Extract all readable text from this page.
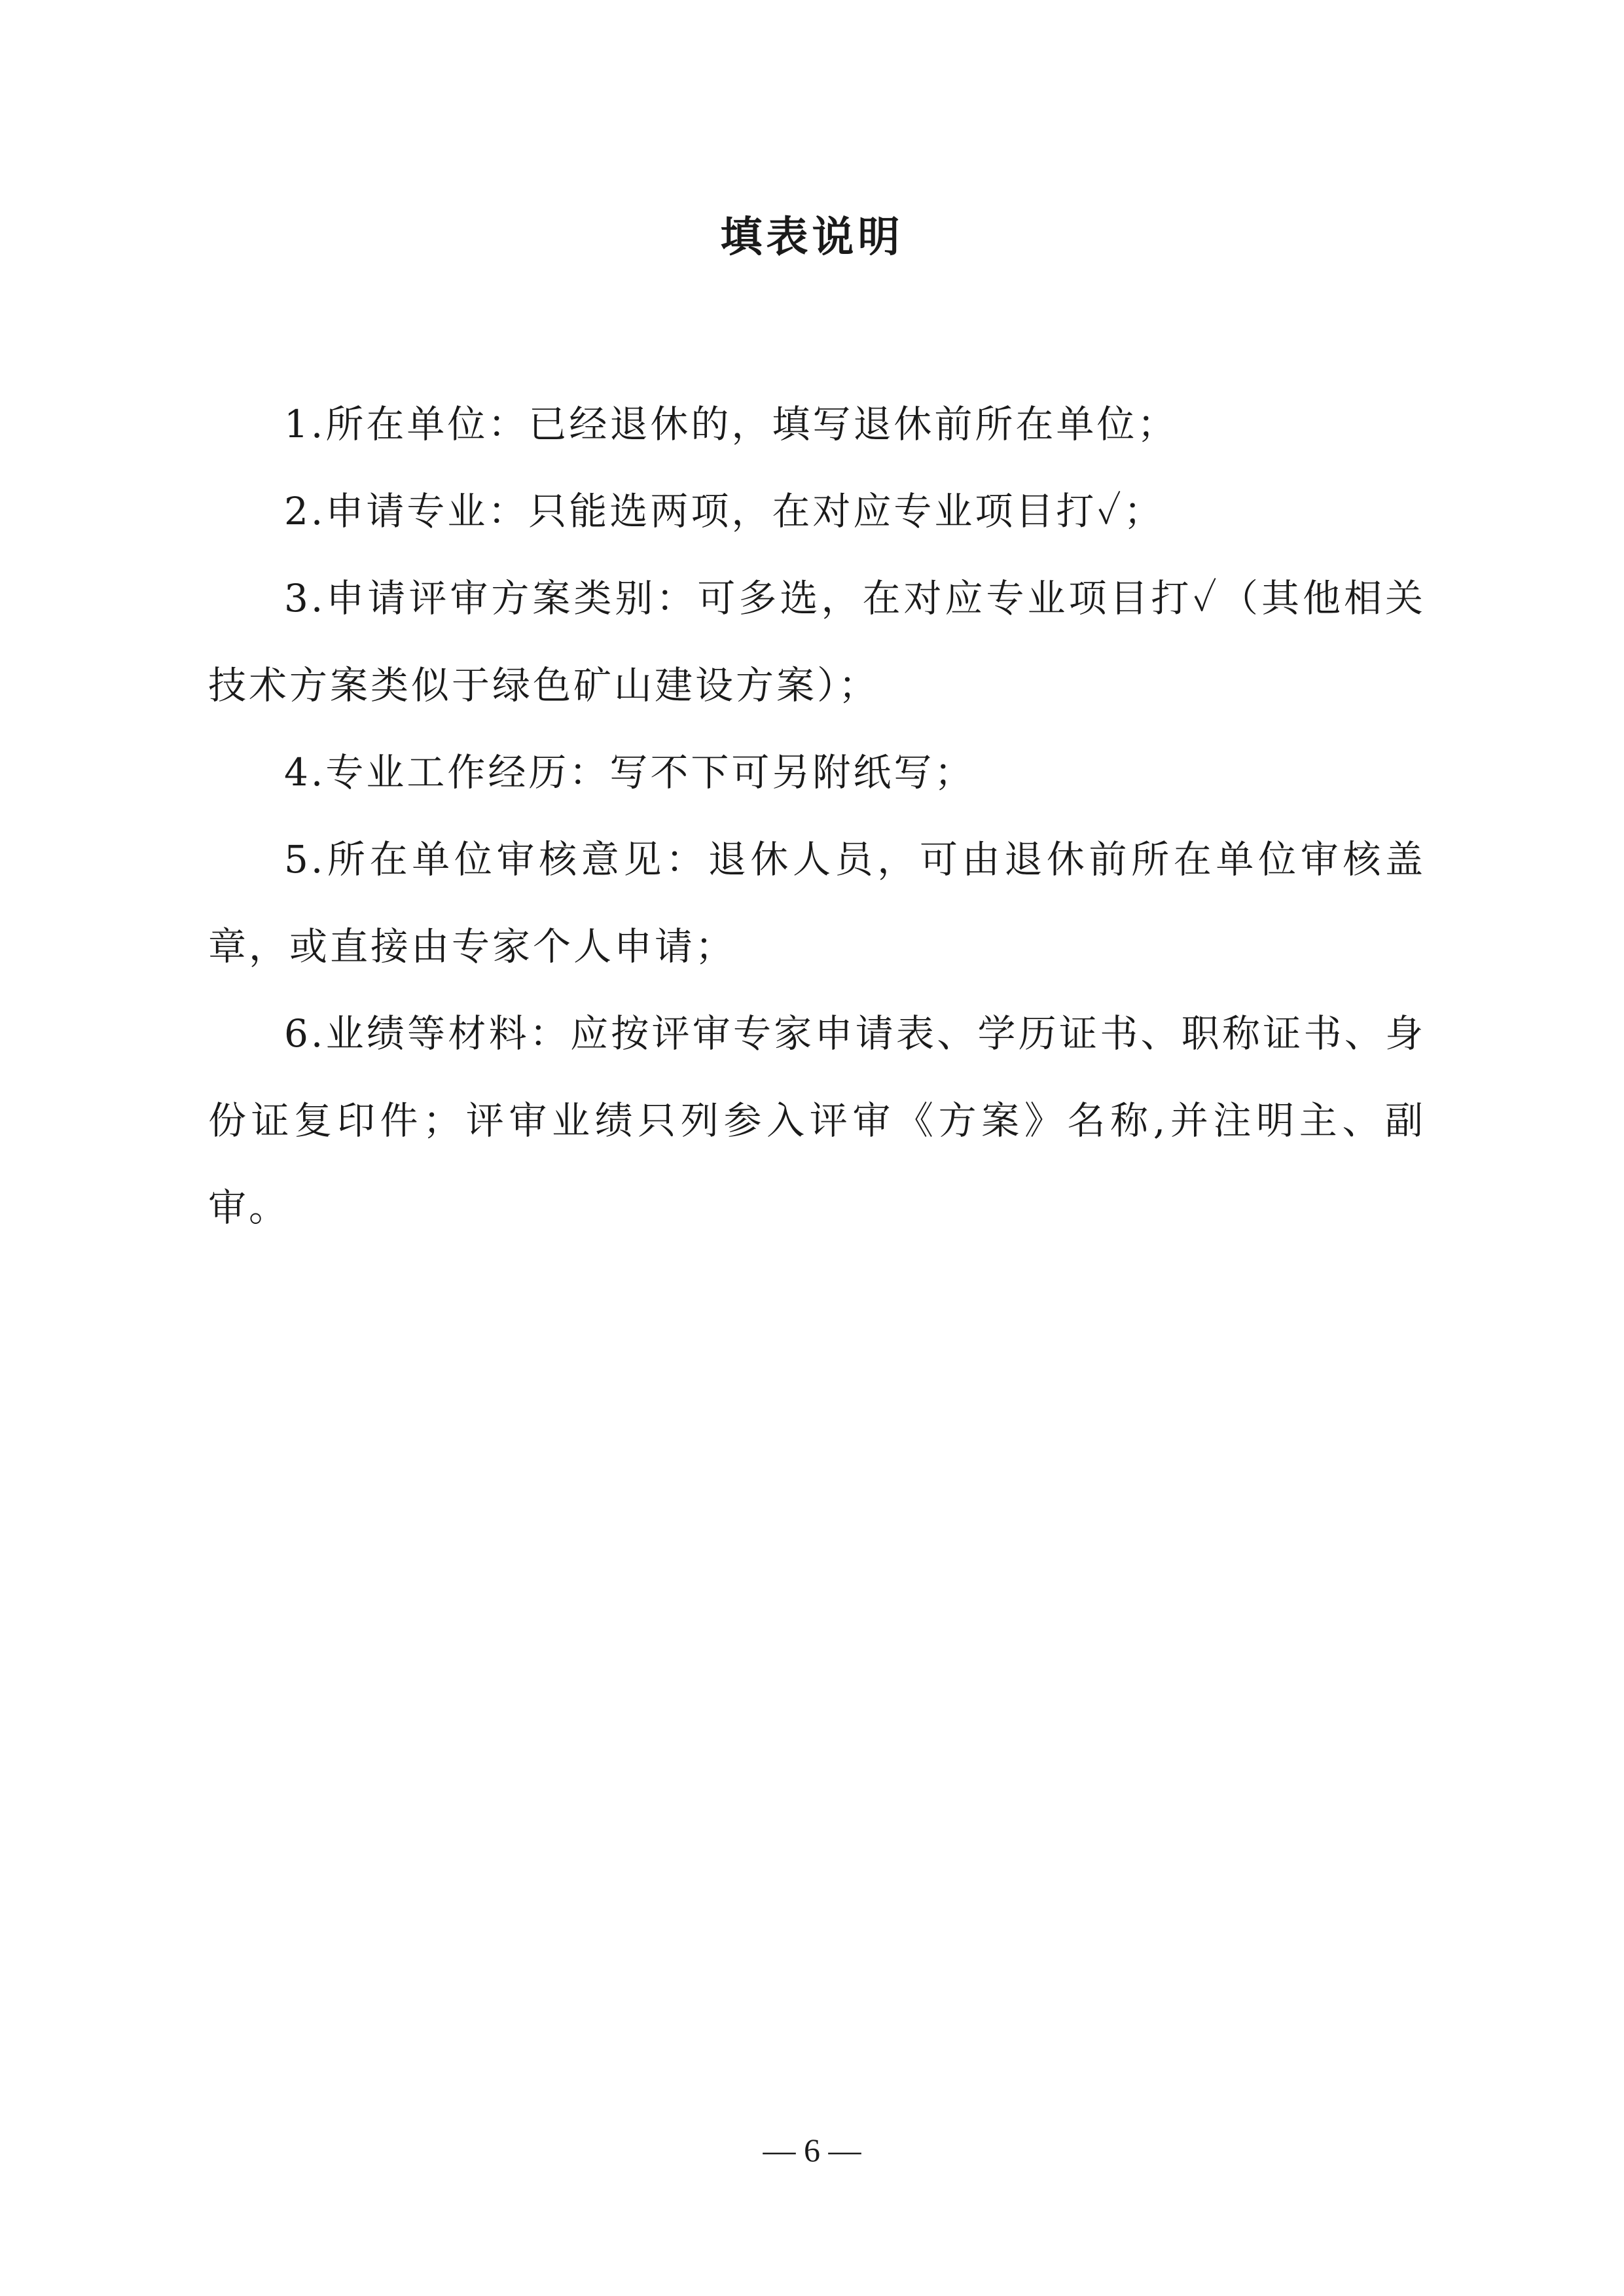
填表说明

1.所在单位：已经退休的，填写退休前所在单位；

2.申请专业：只能选两项，在对应专业项目打✓；

3.申请评审方案类别：可多选，在对应专业项目打✓（其他相关技术方案类似于绿色矿山建设方案）；

4.专业工作经历：写不下可另附纸写；

5.所在单位审核意见：退休人员，可由退休前所在单位审核盖章，或直接由专家个人申请；

6.业绩等材料：应按评审专家申请表、学历证书、职称证书、身份证复印件；评审业绩只列参入评审《方案》名称,并注明主、副审。

— 6 —
